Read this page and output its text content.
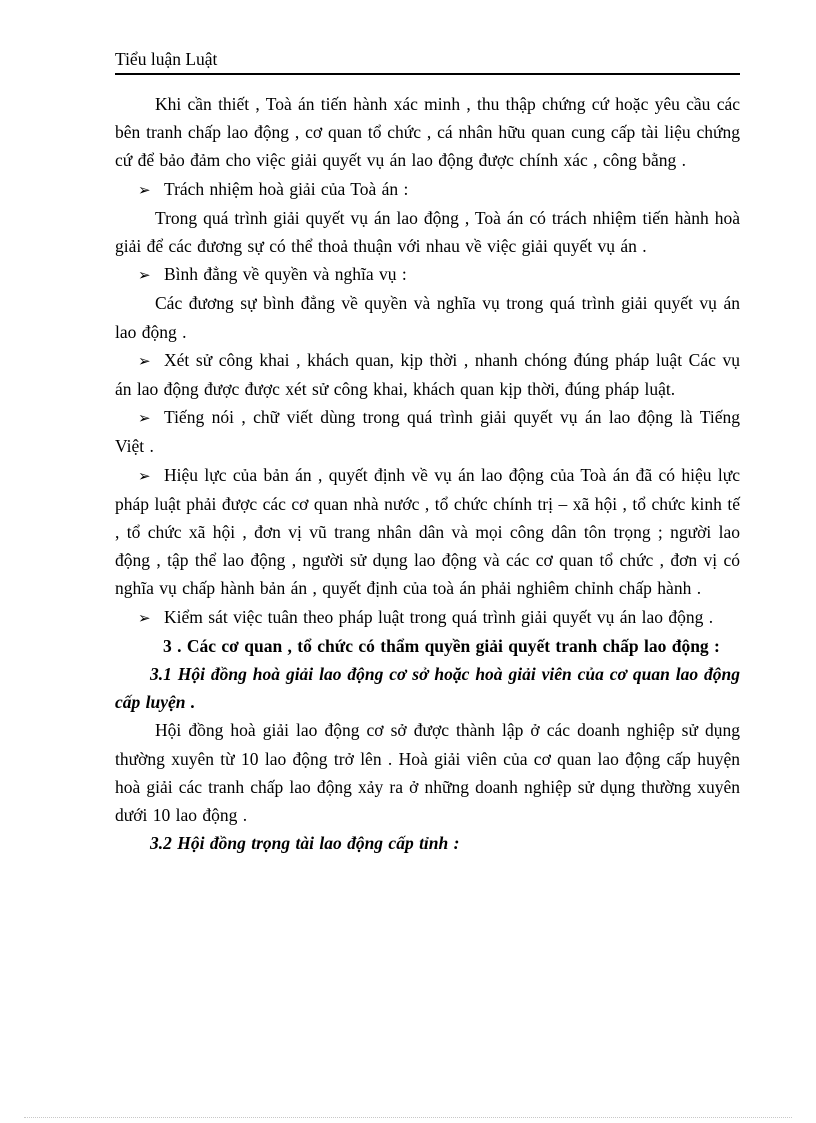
Tiểu luận Luật

Khi cần thiết , Toà án tiến hành xác minh , thu thập chứng cứ hoặc yêu cầu các bên tranh chấp lao động , cơ quan tổ chức , cá nhân hữu quan cung cấp tài liệu chứng cứ để bảo đảm cho việc giải quyết vụ án lao động được chính xác , công bằng .

➢ Trách nhiệm hoà giải của Toà án :

Trong quá trình giải quyết vụ án lao động , Toà án có trách nhiệm tiến hành hoà giải để các đương sự có thể thoả thuận với nhau về việc giải quyết vụ án .

➢ Bình đẳng về quyền và nghĩa vụ :

Các đương sự bình đẳng về quyền và nghĩa vụ trong quá trình giải quyết vụ án lao động .

➢ Xét sử công khai , khách quan, kịp thời , nhanh chóng đúng pháp luật Các vụ án lao động được được xét sử công khai, khách quan kịp thời, đúng pháp luật.

➢ Tiếng nói , chữ viết dùng trong quá trình giải quyết vụ án lao động là Tiếng Việt .

➢ Hiệu lực của bản án , quyết định về vụ án lao động của Toà án đã có hiệu lực pháp luật phải được các cơ quan nhà nước , tổ chức chính trị – xã hội , tổ chức kinh tế , tổ chức xã hội , đơn vị vũ trang nhân dân và mọi công dân tôn trọng ; người lao động , tập thể lao động , người sử dụng lao động và các cơ quan tổ chức , đơn vị có nghĩa vụ chấp hành bản án , quyết định của toà án phải nghiêm chỉnh chấp hành .

➢ Kiểm sát việc tuân theo pháp luật trong quá trình giải quyết vụ án lao động .

3 . Các cơ quan , tổ chức có thẩm quyền giải quyết tranh chấp lao động :

3.1 Hội đồng hoà giải lao động cơ sở hoặc hoà giải viên của cơ quan lao động cấp luyện .

Hội đồng hoà giải lao động cơ sở được thành lập ở các doanh nghiệp sử dụng thường xuyên từ 10 lao động trở lên . Hoà giải viên của cơ quan lao động cấp huyện hoà giải các tranh chấp lao động xảy ra ở những doanh nghiệp sử dụng thường xuyên dưới 10 lao động .

3.2 Hội đồng trọng tài lao động cấp tỉnh :
